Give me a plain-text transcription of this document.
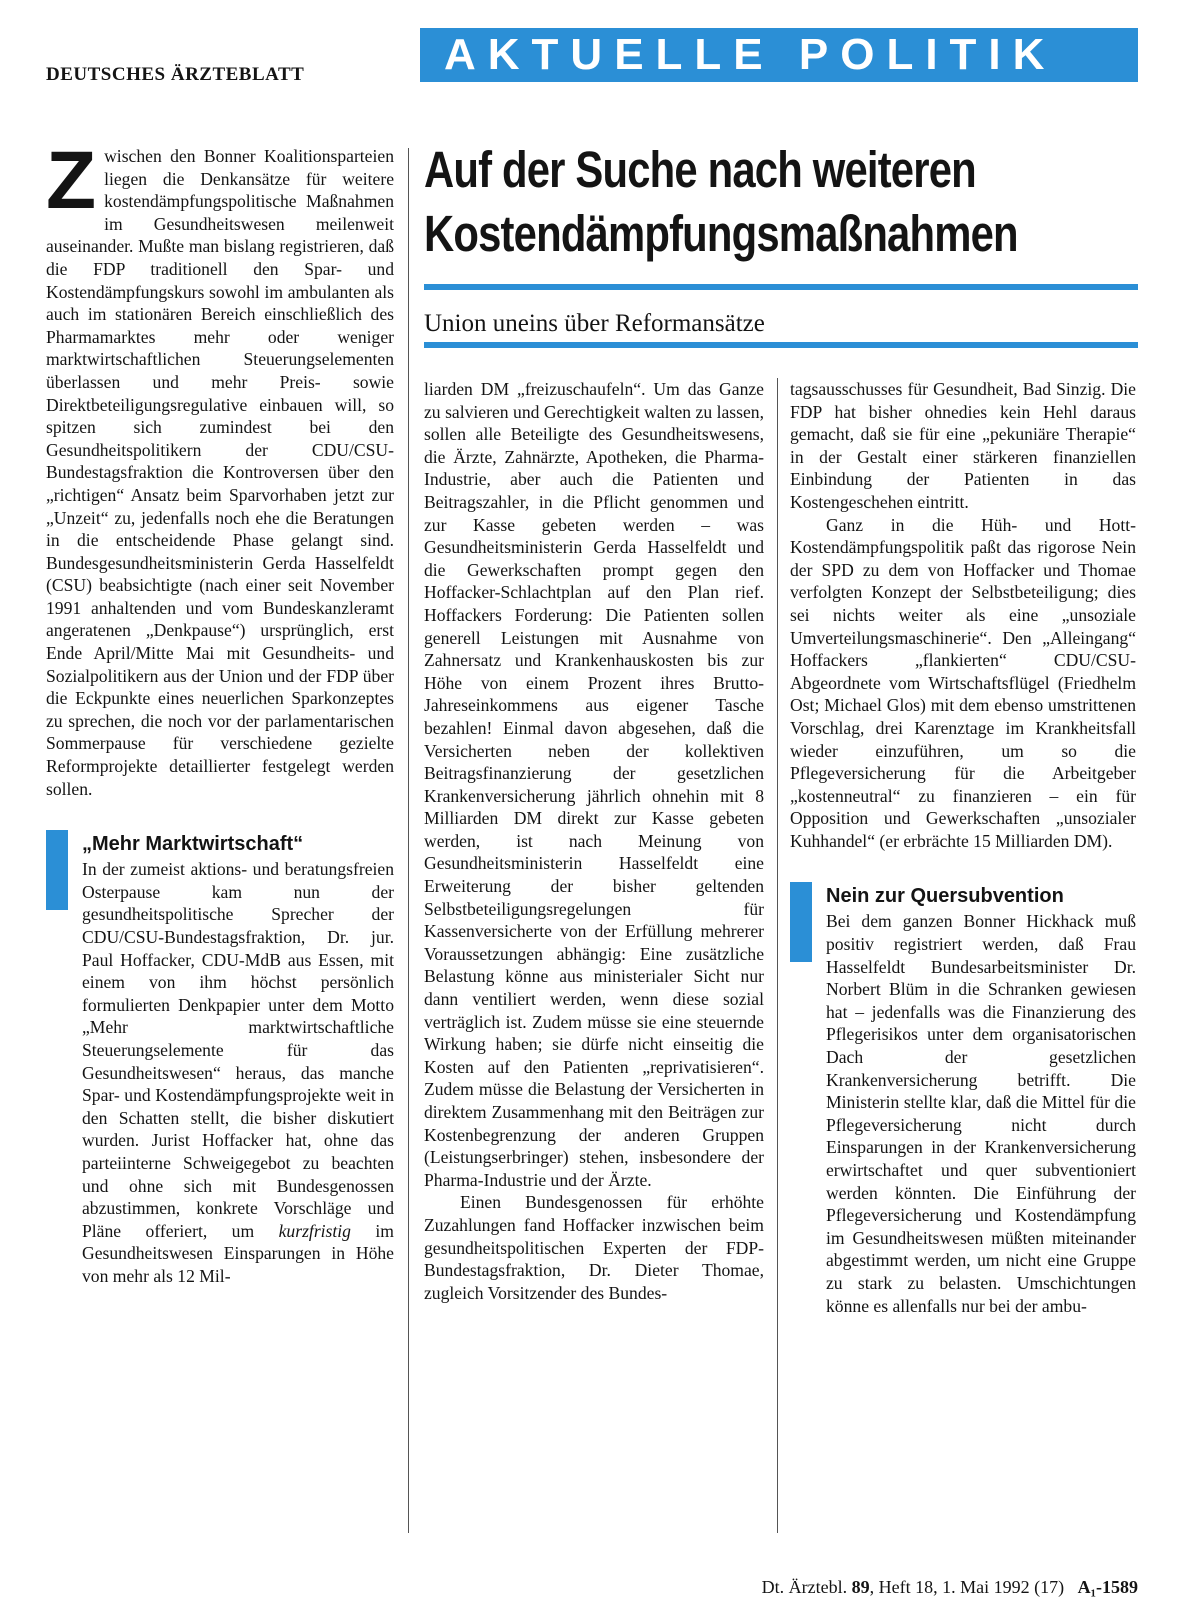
DEUTSCHES ÄRZTEBLATT	AKTUELLE POLITIK
Auf der Suche nach weiteren
Kostendämpfungsmaßnahmen
Union uneins über Reformansätze

Zwischen den Bonner Koalitionsparteien liegen die Denkansätze für weitere kostendämpfungspolitische Maßnahmen im Gesundheitswesen meilenweit auseinander. Mußte man bislang registrieren, daß die FDP traditionell den Spar- und Kostendämpfungskurs sowohl im ambulanten als auch im stationären Bereich einschließlich des Pharmamarktes mehr oder weniger marktwirtschaftlichen Steuerungselementen überlassen und mehr Preis- sowie Direktbeteiligungsregulative einbauen will, so spitzen sich zumindest bei den Gesundheitspolitikern der CDU/CSU-Bundestagsfraktion die Kontroversen über den „richtigen“ Ansatz beim Sparvorhaben jetzt zur „Unzeit“ zu, jedenfalls noch ehe die Beratungen in die entscheidende Phase gelangt sind. Bundesgesundheitsministerin Gerda Hasselfeldt (CSU) beabsichtigte (nach einer seit November 1991 anhaltenden und vom Bundeskanzleramt angeratenen „Denkpause“) ursprünglich, erst Ende April/Mitte Mai mit Gesundheits- und Sozialpolitikern aus der Union und der FDP über die Eckpunkte eines neuerlichen Sparkonzeptes zu sprechen, die noch vor der parlamentarischen Sommerpause für verschiedene gezielte Reformprojekte detaillierter festgelegt werden sollen.

„Mehr Marktwirtschaft“

In der zumeist aktions- und beratungsfreien Osterpause kam nun der gesundheitspolitische Sprecher der CDU/CSU-Bundestagsfraktion, Dr. jur. Paul Hoffacker, CDU-MdB aus Essen, mit einem von ihm höchst persönlich formulierten Denkpapier unter dem Motto „Mehr marktwirtschaftliche Steuerungselemente für das Gesundheitswesen“ heraus, das manche Spar- und Kostendämpfungsprojekte weit in den Schatten stellt, die bisher diskutiert wurden. Jurist Hoffacker hat, ohne das parteiinterne Schweigegebot zu beachten und ohne sich mit Bundesgenossen abzustimmen, konkrete Vorschläge und Pläne offeriert, um kurzfristig im Gesundheitswesen Einsparungen in Höhe von mehr als 12 Mil-

liarden DM „freizuschaufeln“. Um das Ganze zu salvieren und Gerechtigkeit walten zu lassen, sollen alle Beteiligte des Gesundheitswesens, die Ärzte, Zahnärzte, Apotheken, die Pharma-Industrie, aber auch die Patienten und Beitragszahler, in die Pflicht genommen und zur Kasse gebeten werden – was Gesundheitsministerin Gerda Hasselfeldt und die Gewerkschaften prompt gegen den Hoffacker-Schlachtplan auf den Plan rief. Hoffackers Forderung: Die Patienten sollen generell Leistungen mit Ausnahme von Zahnersatz und Krankenhauskosten bis zur Höhe von einem Prozent ihres Brutto-Jahreseinkommens aus eigener Tasche bezahlen! Einmal davon abgesehen, daß die Versicherten neben der kollektiven Beitragsfinanzierung der gesetzlichen Krankenversicherung jährlich ohnehin mit 8 Milliarden DM direkt zur Kasse gebeten werden, ist nach Meinung von Gesundheitsministerin Hasselfeldt eine Erweiterung der bisher geltenden Selbstbeteiligungsregelungen für Kassenversicherte von der Erfüllung mehrerer Voraussetzungen abhängig: Eine zusätzliche Belastung könne aus ministerialer Sicht nur dann ventiliert werden, wenn diese sozial verträglich ist. Zudem müsse sie eine steuernde Wirkung haben; sie dürfe nicht einseitig die Kosten auf den Patienten „reprivatisieren“. Zudem müsse die Belastung der Versicherten in direktem Zusammenhang mit den Beiträgen zur Kostenbegrenzung der anderen Gruppen (Leistungserbringer) stehen, insbesondere der Pharma-Industrie und der Ärzte.

Einen Bundesgenossen für erhöhte Zuzahlungen fand Hoffacker inzwischen beim gesundheitspolitischen Experten der FDP-Bundestagsfraktion, Dr. Dieter Thomae, zugleich Vorsitzender des Bundes-

tagsausschusses für Gesundheit, Bad Sinzig. Die FDP hat bisher ohnedies kein Hehl daraus gemacht, daß sie für eine „pekuniäre Therapie“ in der Gestalt einer stärkeren finanziellen Einbindung der Patienten in das Kostengeschehen eintritt.

Ganz in die Hüh- und Hott-Kostendämpfungspolitik paßt das rigorose Nein der SPD zu dem von Hoffacker und Thomae verfolgten Konzept der Selbstbeteiligung; dies sei nichts weiter als eine „unsoziale Umverteilungsmaschinerie“. Den „Alleingang“ Hoffackers „flankierten“ CDU/CSU-Abgeordnete vom Wirtschaftsflügel (Friedhelm Ost; Michael Glos) mit dem ebenso umstrittenen Vorschlag, drei Karenztage im Krankheitsfall wieder einzuführen, um so die Pflegeversicherung für die Arbeitgeber „kostenneutral“ zu finanzieren – ein für Opposition und Gewerkschaften „unsozialer Kuhhandel“ (er erbrächte 15 Milliarden DM).

Nein zur Quersubvention

Bei dem ganzen Bonner Hickhack muß positiv registriert werden, daß Frau Hasselfeldt Bundesarbeitsminister Dr. Norbert Blüm in die Schranken gewiesen hat – jedenfalls was die Finanzierung des Pflegerisikos unter dem organisatorischen Dach der gesetzlichen Krankenversicherung betrifft. Die Ministerin stellte klar, daß die Mittel für die Pflegeversicherung nicht durch Einsparungen in der Krankenversicherung erwirtschaftet und quer subventioniert werden könnten. Die Einführung der Pflegeversicherung und Kostendämpfung im Gesundheitswesen müßten miteinander abgestimmt werden, um nicht eine Gruppe zu stark zu belasten. Umschichtungen könne es allenfalls nur bei der ambu-

Dt. Ärztebl. 89, Heft 18, 1. Mai 1992 (17) A₁-1589
